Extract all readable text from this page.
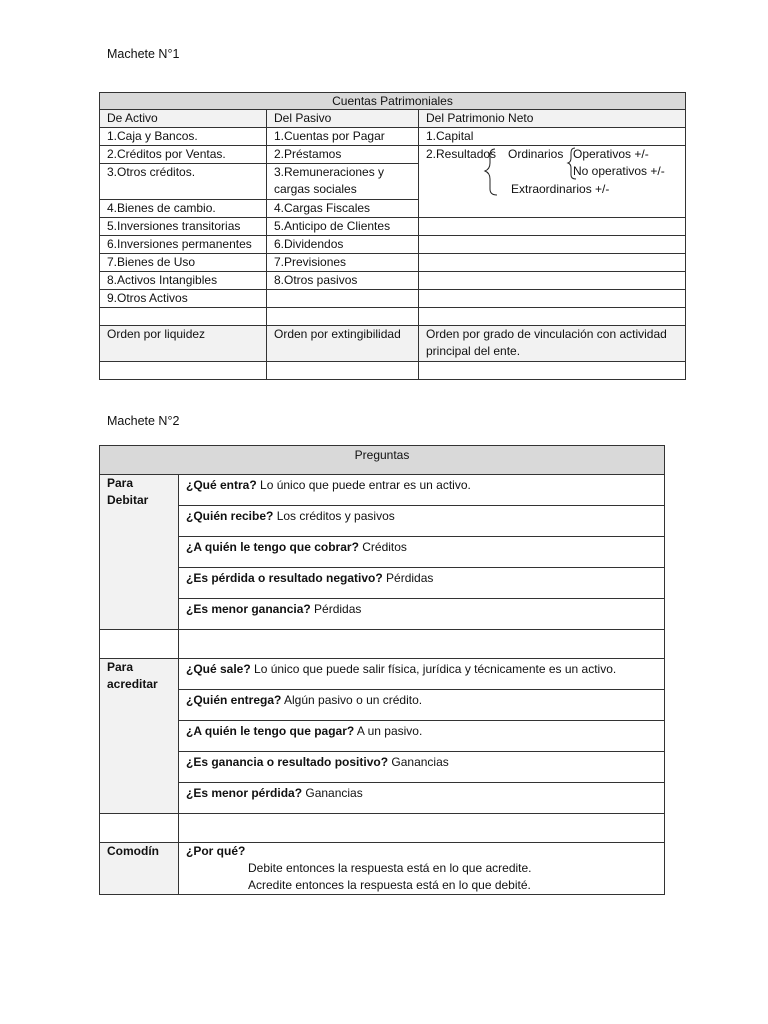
Machete N°1
Cuentas Patrimoniales		
De Activo	Del Pasivo	Del Patrimonio Neto
1.Caja y Bancos.	1.Cuentas por Pagar	1.Capital
2.Créditos por Ventas.	2.Préstamos	2.Resultados Ordinarios Operativos +/-
No operativos +/-
Extraordinarios +/-

3.Otros créditos.	3.Remuneraciones y cargas sociales	
4.Bienes de cambio.	4.Cargas Fiscales	
5.Inversiones transitorias	5.Anticipo de Clientes	
6.Inversiones permanentes	6.Dividendos	
7.Bienes de Uso	7.Previsiones	
8.Activos Intangibles	8.Otros pasivos	
9.Otros Activos		

Orden por liquidez	Orden por extingibilidad	Orden por grado de vinculación con actividad principal del ente.

Machete N°2
Preguntas	
Para Debitar	¿Qué entra? Lo único que puede entrar es un activo.
	¿Quién recibe? Los créditos y pasivos
	¿A quién le tengo que cobrar? Créditos
	¿Es pérdida o resultado negativo? Pérdidas
	¿Es menor ganancia? Pérdidas

Para acreditar	¿Qué sale? Lo único que puede salir física, jurídica y técnicamente es un activo.
	¿Quién entrega? Algún pasivo o un crédito.
	¿A quién le tengo que pagar? A un pasivo.
	¿Es ganancia o resultado positivo? Ganancias
	¿Es menor pérdida? Ganancias

Comodín	¿Por qué?
Debite entonces la respuesta está en lo que acredite.
Acredite entonces la respuesta está en lo que debité.
